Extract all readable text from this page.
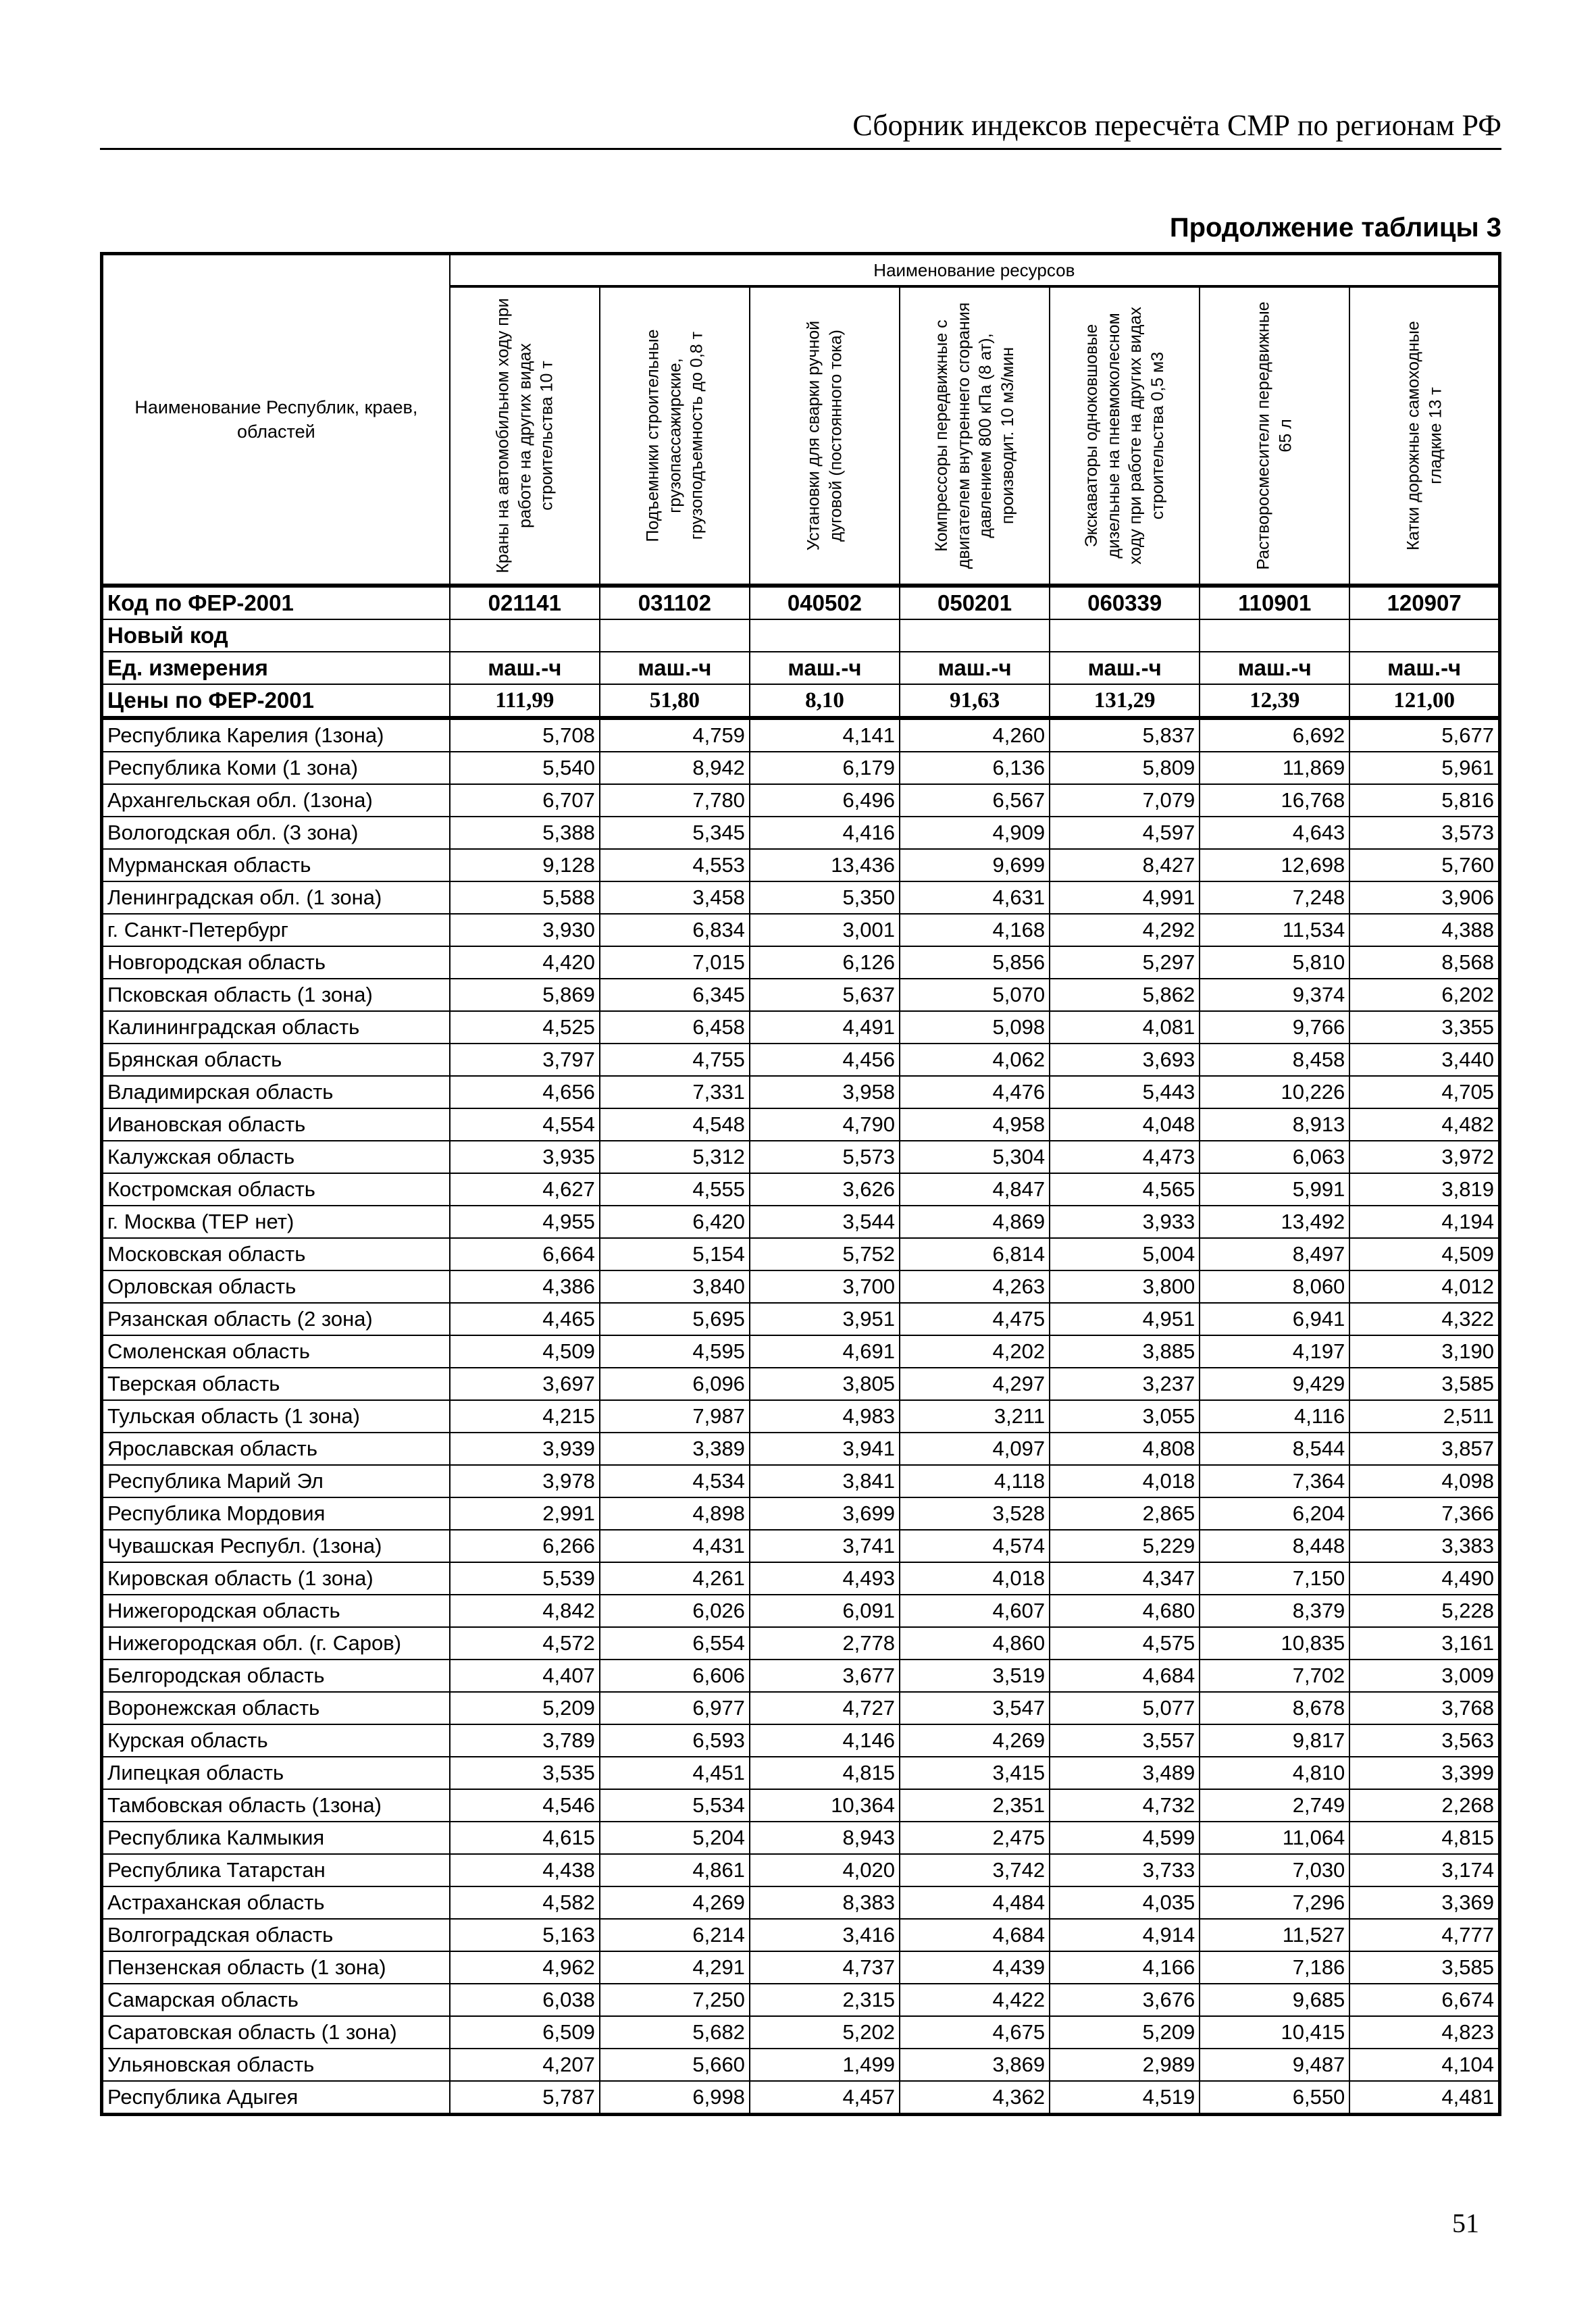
Сборник индексов пересчёта СМР по регионам РФ
Продолжение таблицы 3
Наименование Республик, краев, областей	Наименование ресурсов						

	Краны на автомобильном ходу при работе на других видах строительства 10 т	Подъемники строительные грузопассажирские, грузоподъемность до 0,8 т	Установки для сварки ручной дуговой (постоянного тока)	Компрессоры передвижные с двигателем внутреннего сгорания давлением 800 кПа (8 ат), производит. 10 м3/мин	Экскаваторы одноковшовые дизельные на пневмоколесном ходу при работе на других видах строительства 0,5 м3	Растворосмесители передвижные 65 л	Катки дорожные самоходные гладкие 13 т

Код по ФЕР-2001	021141	031102	040502	050201	060339	110901	120907
Новый код							
Ед. измерения	маш.-ч	маш.-ч	маш.-ч	маш.-ч	маш.-ч	маш.-ч	маш.-ч
Цены по ФЕР-2001	111,99	51,80	8,10	91,63	131,29	12,39	121,00
Республика Карелия (1зона)	5,708	4,759	4,141	4,260	5,837	6,692	5,677
Республика Коми (1 зона)	5,540	8,942	6,179	6,136	5,809	11,869	5,961
Архангельская обл. (1зона)	6,707	7,780	6,496	6,567	7,079	16,768	5,816
Вологодская обл. (3 зона)	5,388	5,345	4,416	4,909	4,597	4,643	3,573
Мурманская область	9,128	4,553	13,436	9,699	8,427	12,698	5,760
Ленинградская обл. (1 зона)	5,588	3,458	5,350	4,631	4,991	7,248	3,906
г. Санкт-Петербург	3,930	6,834	3,001	4,168	4,292	11,534	4,388
Новгородская область	4,420	7,015	6,126	5,856	5,297	5,810	8,568
Псковская область (1 зона)	5,869	6,345	5,637	5,070	5,862	9,374	6,202
Калининградская область	4,525	6,458	4,491	5,098	4,081	9,766	3,355
Брянская область	3,797	4,755	4,456	4,062	3,693	8,458	3,440
Владимирская область	4,656	7,331	3,958	4,476	5,443	10,226	4,705
Ивановская область	4,554	4,548	4,790	4,958	4,048	8,913	4,482
Калужская область	3,935	5,312	5,573	5,304	4,473	6,063	3,972
Костромская область	4,627	4,555	3,626	4,847	4,565	5,991	3,819
г. Москва (ТЕР нет)	4,955	6,420	3,544	4,869	3,933	13,492	4,194
Московская область	6,664	5,154	5,752	6,814	5,004	8,497	4,509
Орловская область	4,386	3,840	3,700	4,263	3,800	8,060	4,012
Рязанская область (2 зона)	4,465	5,695	3,951	4,475	4,951	6,941	4,322
Смоленская область	4,509	4,595	4,691	4,202	3,885	4,197	3,190
Тверская область	3,697	6,096	3,805	4,297	3,237	9,429	3,585
Тульская область (1 зона)	4,215	7,987	4,983	3,211	3,055	4,116	2,511
Ярославская область	3,939	3,389	3,941	4,097	4,808	8,544	3,857
Республика Марий Эл	3,978	4,534	3,841	4,118	4,018	7,364	4,098
Республика Мордовия	2,991	4,898	3,699	3,528	2,865	6,204	7,366
Чувашская Республ. (1зона)	6,266	4,431	3,741	4,574	5,229	8,448	3,383
Кировская область (1 зона)	5,539	4,261	4,493	4,018	4,347	7,150	4,490
Нижегородская область	4,842	6,026	6,091	4,607	4,680	8,379	5,228
Нижегородская обл. (г. Саров)	4,572	6,554	2,778	4,860	4,575	10,835	3,161
Белгородская область	4,407	6,606	3,677	3,519	4,684	7,702	3,009
Воронежская область	5,209	6,977	4,727	3,547	5,077	8,678	3,768
Курская область	3,789	6,593	4,146	4,269	3,557	9,817	3,563
Липецкая область	3,535	4,451	4,815	3,415	3,489	4,810	3,399
Тамбовская область (1зона)	4,546	5,534	10,364	2,351	4,732	2,749	2,268
Республика Калмыкия	4,615	5,204	8,943	2,475	4,599	11,064	4,815
Республика Татарстан	4,438	4,861	4,020	3,742	3,733	7,030	3,174
Астраханская область	4,582	4,269	8,383	4,484	4,035	7,296	3,369
Волгоградская область	5,163	6,214	3,416	4,684	4,914	11,527	4,777
Пензенская область (1 зона)	4,962	4,291	4,737	4,439	4,166	7,186	3,585
Самарская область	6,038	7,250	2,315	4,422	3,676	9,685	6,674
Саратовская область (1 зона)	6,509	5,682	5,202	4,675	5,209	10,415	4,823
Ульяновская область	4,207	5,660	1,499	3,869	2,989	9,487	4,104
Республика Адыгея	5,787	6,998	4,457	4,362	4,519	6,550	4,481
51
